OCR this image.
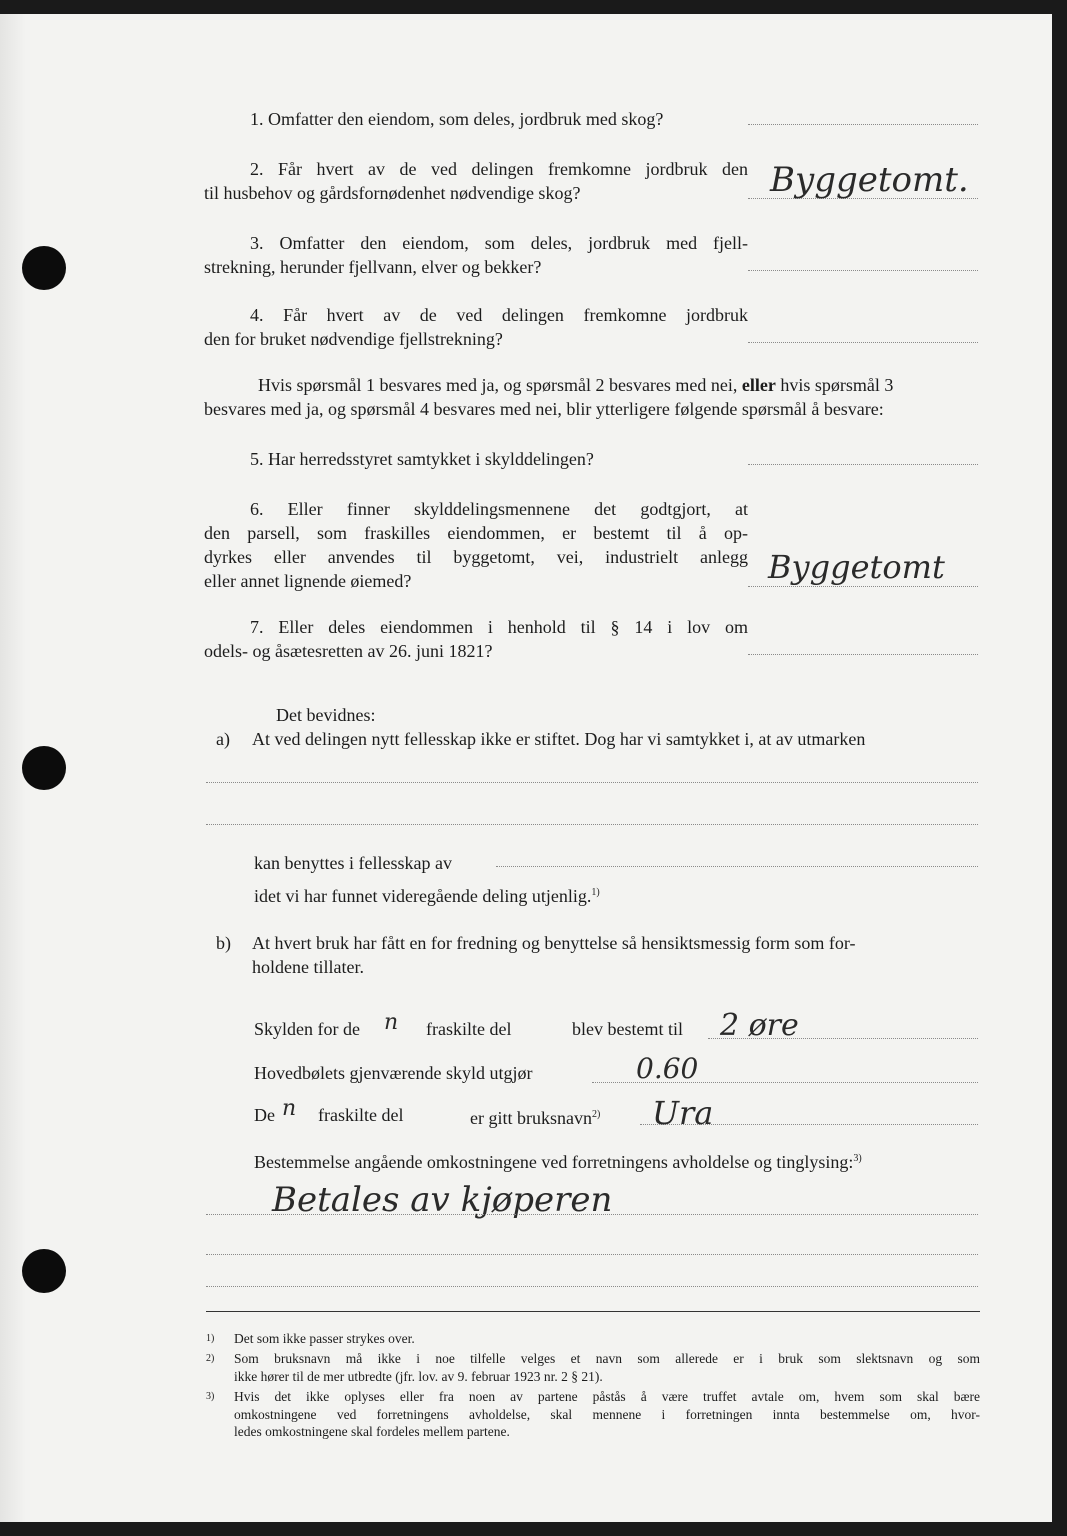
1. Omfatter den eiendom, som deles, jordbruk med skog?
2. Får hvert av de ved delingen fremkomne jordbruk den
til husbehov og gårdsfornødenhet nødvendige skog?	Byggetomt.
3. Omfatter den eiendom, som deles, jordbruk med fjell-
strekning, herunder fjellvann, elver og bekker?
4. Får hvert av de ved delingen fremkomne jordbruk
den for bruket nødvendige fjellstrekning?
Hvis spørsmål 1 besvares med ja, og spørsmål 2 besvares med nei, eller hvis spørsmål 3
besvares med ja, og spørsmål 4 besvares med nei, blir ytterligere følgende spørsmål å besvare:
5. Har herredsstyret samtykket i skylddelingen?
6. Eller finner skylddelingsmennene det godtgjort, at
den parsell, som fraskilles eiendommen, er bestemt til å op-
dyrkes eller anvendes til byggetomt, vei, industrielt anlegg
eller annet lignende øiemed?	Byggetomt
7. Eller deles eiendommen i henhold til § 14 i lov om
odels- og åsætesretten av 26. juni 1821?
Det bevidnes:
a) At ved delingen nytt fellesskap ikke er stiftet. Dog har vi samtykket i, at av utmarken
kan benyttes i fellesskap av
idet vi har funnet videregående deling utjenlig.$^{1)}$
b) At hvert bruk har fått en for fredning og benyttelse så hensiktsmessig form som for-
holdene tillater.
Skylden for de n fraskilte del	blev bestemt til 2 øre
Hovedbølets gjenværende skyld utgjør	0.60
De n fraskilte del	er gitt bruksnavn$^{2)}$ Ura
Bestemmelse angående omkostningene ved forretningens avholdelse og tinglysing:$^{3)}$
Betales av kjøperen
1) Det som ikke passer strykes over.
2) Som bruksnavn må ikke i noe tilfelle velges et navn som allerede er i bruk som slektsnavn og som
ikke hører til de mer utbredte (jfr. lov. av 9. februar 1923 nr. 2 § 21).
3) Hvis det ikke oplyses eller fra noen av partene påstås å være truffet avtale om, hvem som skal bære
omkostningene ved forretningens avholdelse, skal mennene i forretningen innta bestemmelse om, hvor-
ledes omkostningene skal fordeles mellem partene.
